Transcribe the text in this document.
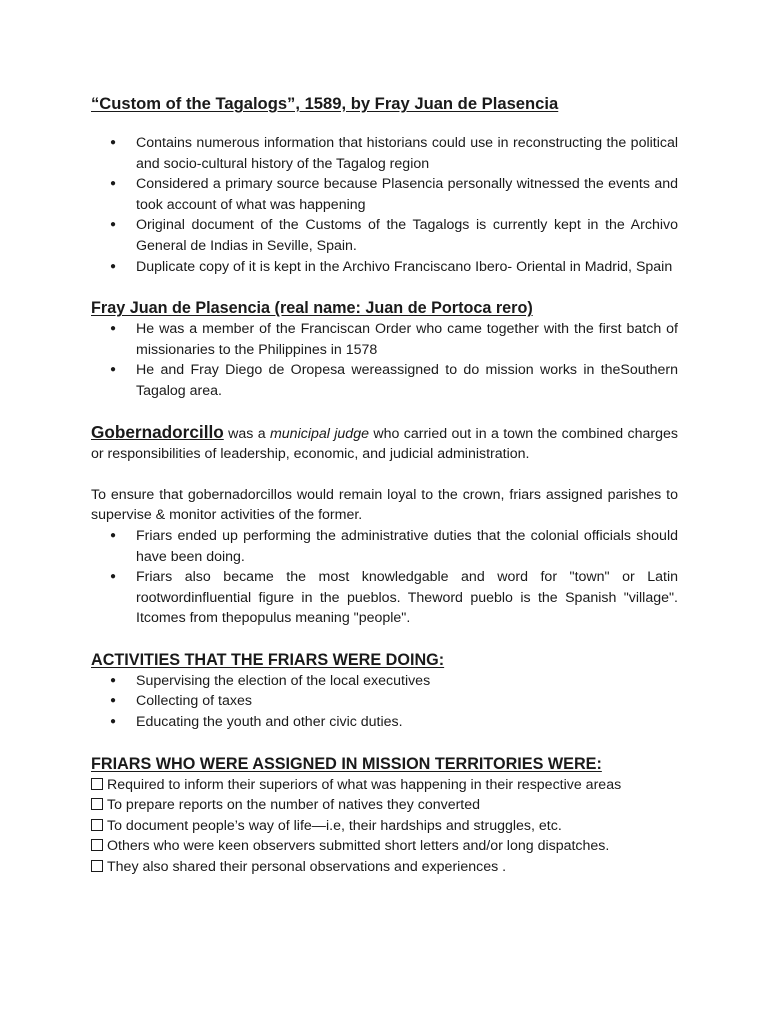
“Custom of the Tagalogs”, 1589, by Fray Juan de Plasencia
● Contains numerous information that historians could use in reconstructing the political and socio-cultural history of the Tagalog region
● Considered a primary source because Plasencia personally witnessed the events and took account of what was happening
● Original document of the Customs of the Tagalogs is currently kept in the Archivo General de Indias in Seville, Spain.
● Duplicate copy of it is kept in the Archivo Franciscano Ibero- Oriental in Madrid, Spain
Fray Juan de Plasencia (real name: Juan de Portoca rero)
● He was a member of the Franciscan Order who came together with the first batch of missionaries to the Philippines in 1578
● He and Fray Diego de Oropesa wereassigned to do mission works in theSouthern Tagalog area.

Gobernadorcillo was a municipal judge who carried out in a town the combined charges or responsibilities of leadership, economic, and judicial administration.

To ensure that gobernadorcillos would remain loyal to the crown, friars assigned parishes to supervise & monitor activities of the former.

● Friars ended up performing the administrative duties that the colonial officials should have been doing.
● Friars also became the most knowledgable and word for "town" or Latin rootwordinfluential figure in the pueblos. Theword pueblo is the Spanish "village". Itcomes from thepopulus meaning "people".
ACTIVITIES THAT THE FRIARS WERE DOING:
● Supervising the election of the local executives
● Collecting of taxes
● Educating the youth and other civic duties.
FRIARS WHO WERE ASSIGNED IN MISSION TERRITORIES WERE:
Required to inform their superiors of what was happening in their respective areas
To prepare reports on the number of natives they converted
To document people’s way of life—i.e, their hardships and struggles, etc.
Others who were keen observers submitted short letters and/or long dispatches.
They also shared their personal observations and experiences .
